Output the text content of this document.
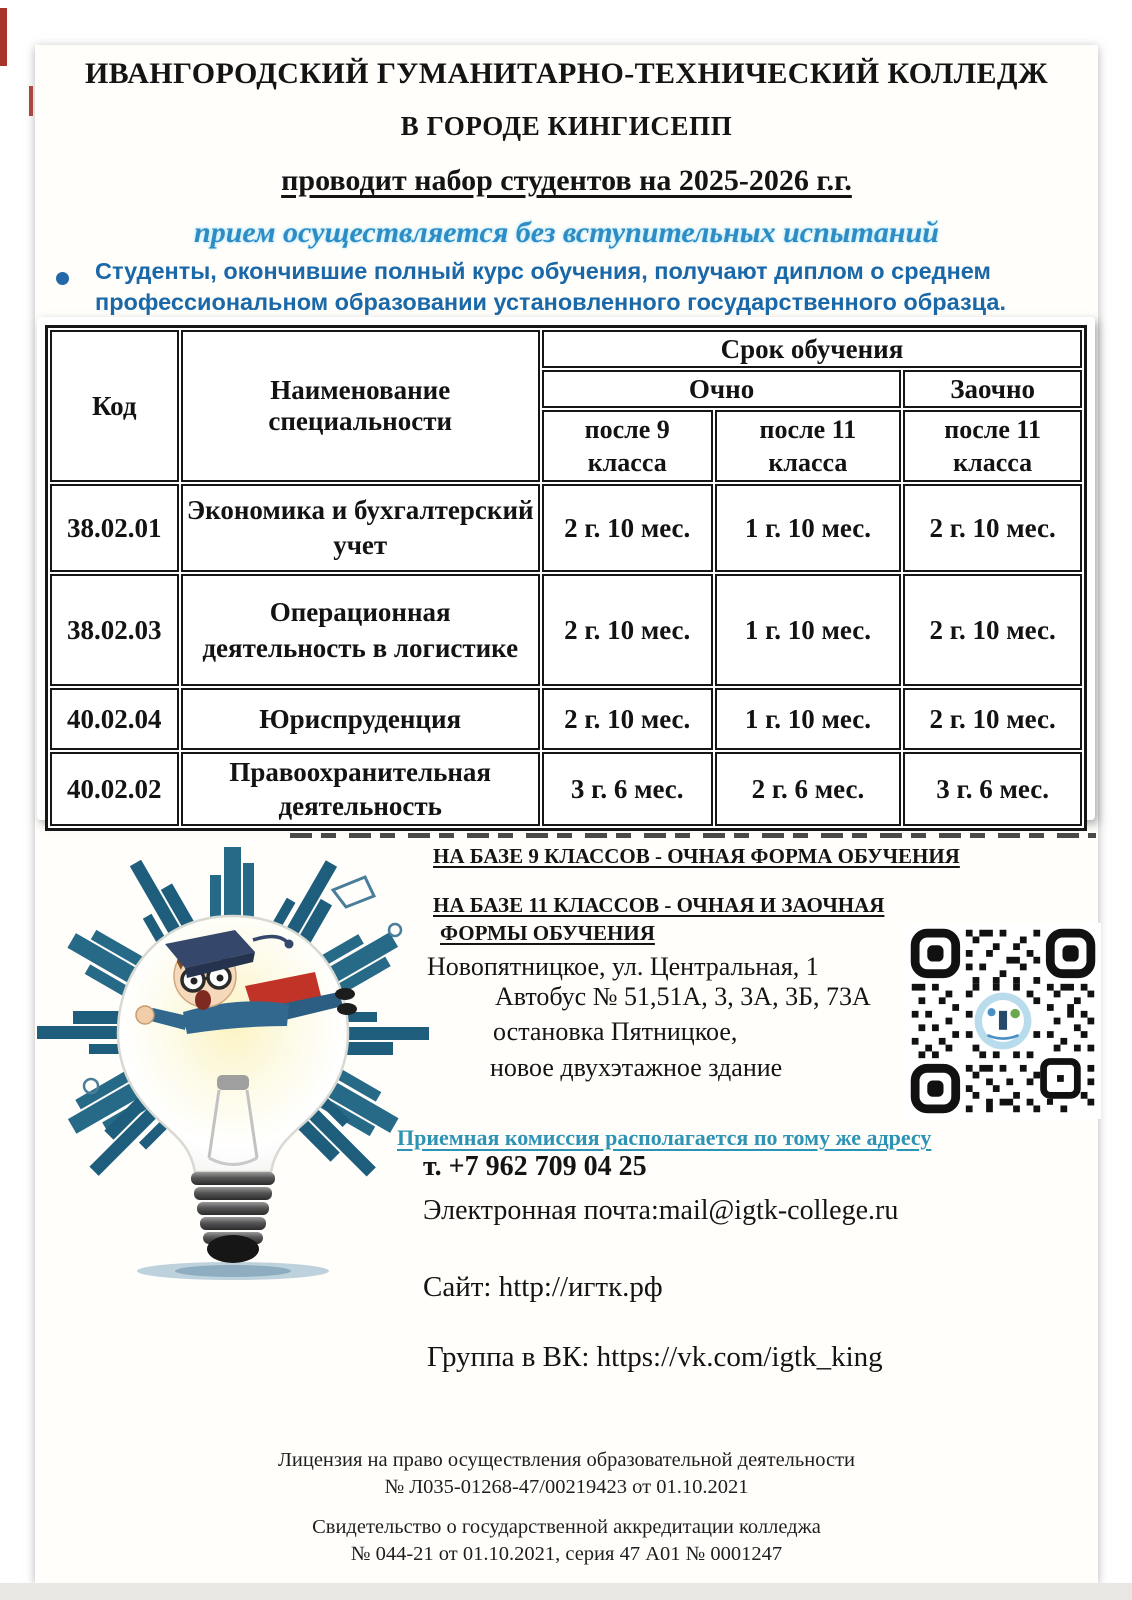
ИВАНГОРОДСКИЙ ГУМАНИТАРНО-ТЕХНИЧЕСКИЙ КОЛЛЕДЖ
В ГОРОДЕ КИНГИСЕПП
проводит набор студентов на 2025-2026 г.г.
прием осуществляется без вступительных испытаний
Студенты, окончившие полный курс обучения, получают диплом о среднем профессиональном образовании установленного государственного образца.
Код	Наименование специальности	Срок обучения		
		Очно		Заочно
		после 9 класса	после 11 класса	после 11 класса
38.02.01	Экономика и бухгалтерский учет	2 г. 10 мес.	1 г. 10 мес.	2 г. 10 мес.
38.02.03	Операционная деятельность в логистике	2 г. 10 мес.	1 г. 10 мес.	2 г. 10 мес.
40.02.04	Юриспруденция	2 г. 10 мес.	1 г. 10 мес.	2 г. 10 мес.
40.02.02	Правоохранительная деятельность	3 г. 6 мес.	2 г. 6 мес.	3 г. 6 мес.
НА БАЗЕ 9 КЛАССОВ - ОЧНАЯ ФОРМА ОБУЧЕНИЯ
НА БАЗЕ 11 КЛАССОВ - ОЧНАЯ И ЗАОЧНАЯ
ФОРМЫ ОБУЧЕНИЯ
Новопятницкое, ул. Центральная, 1
Автобус № 51,51А, 3, 3А, 3Б, 73А
остановка Пятницкое,
новое двухэтажное здание
Приемная комиссия располагается по тому же адресу
т. +7 962 709 04 25
Электронная почта:mail@igtk-college.ru
Сайт: http://игтк.рф
Группа в ВК: https://vk.com/igtk_king
Лицензия на право осуществления образовательной деятельности
№ Л035-01268-47/00219423 от 01.10.2021
Свидетельство о государственной аккредитации колледжа
№ 044-21 от 01.10.2021, серия 47 А01 № 0001247
